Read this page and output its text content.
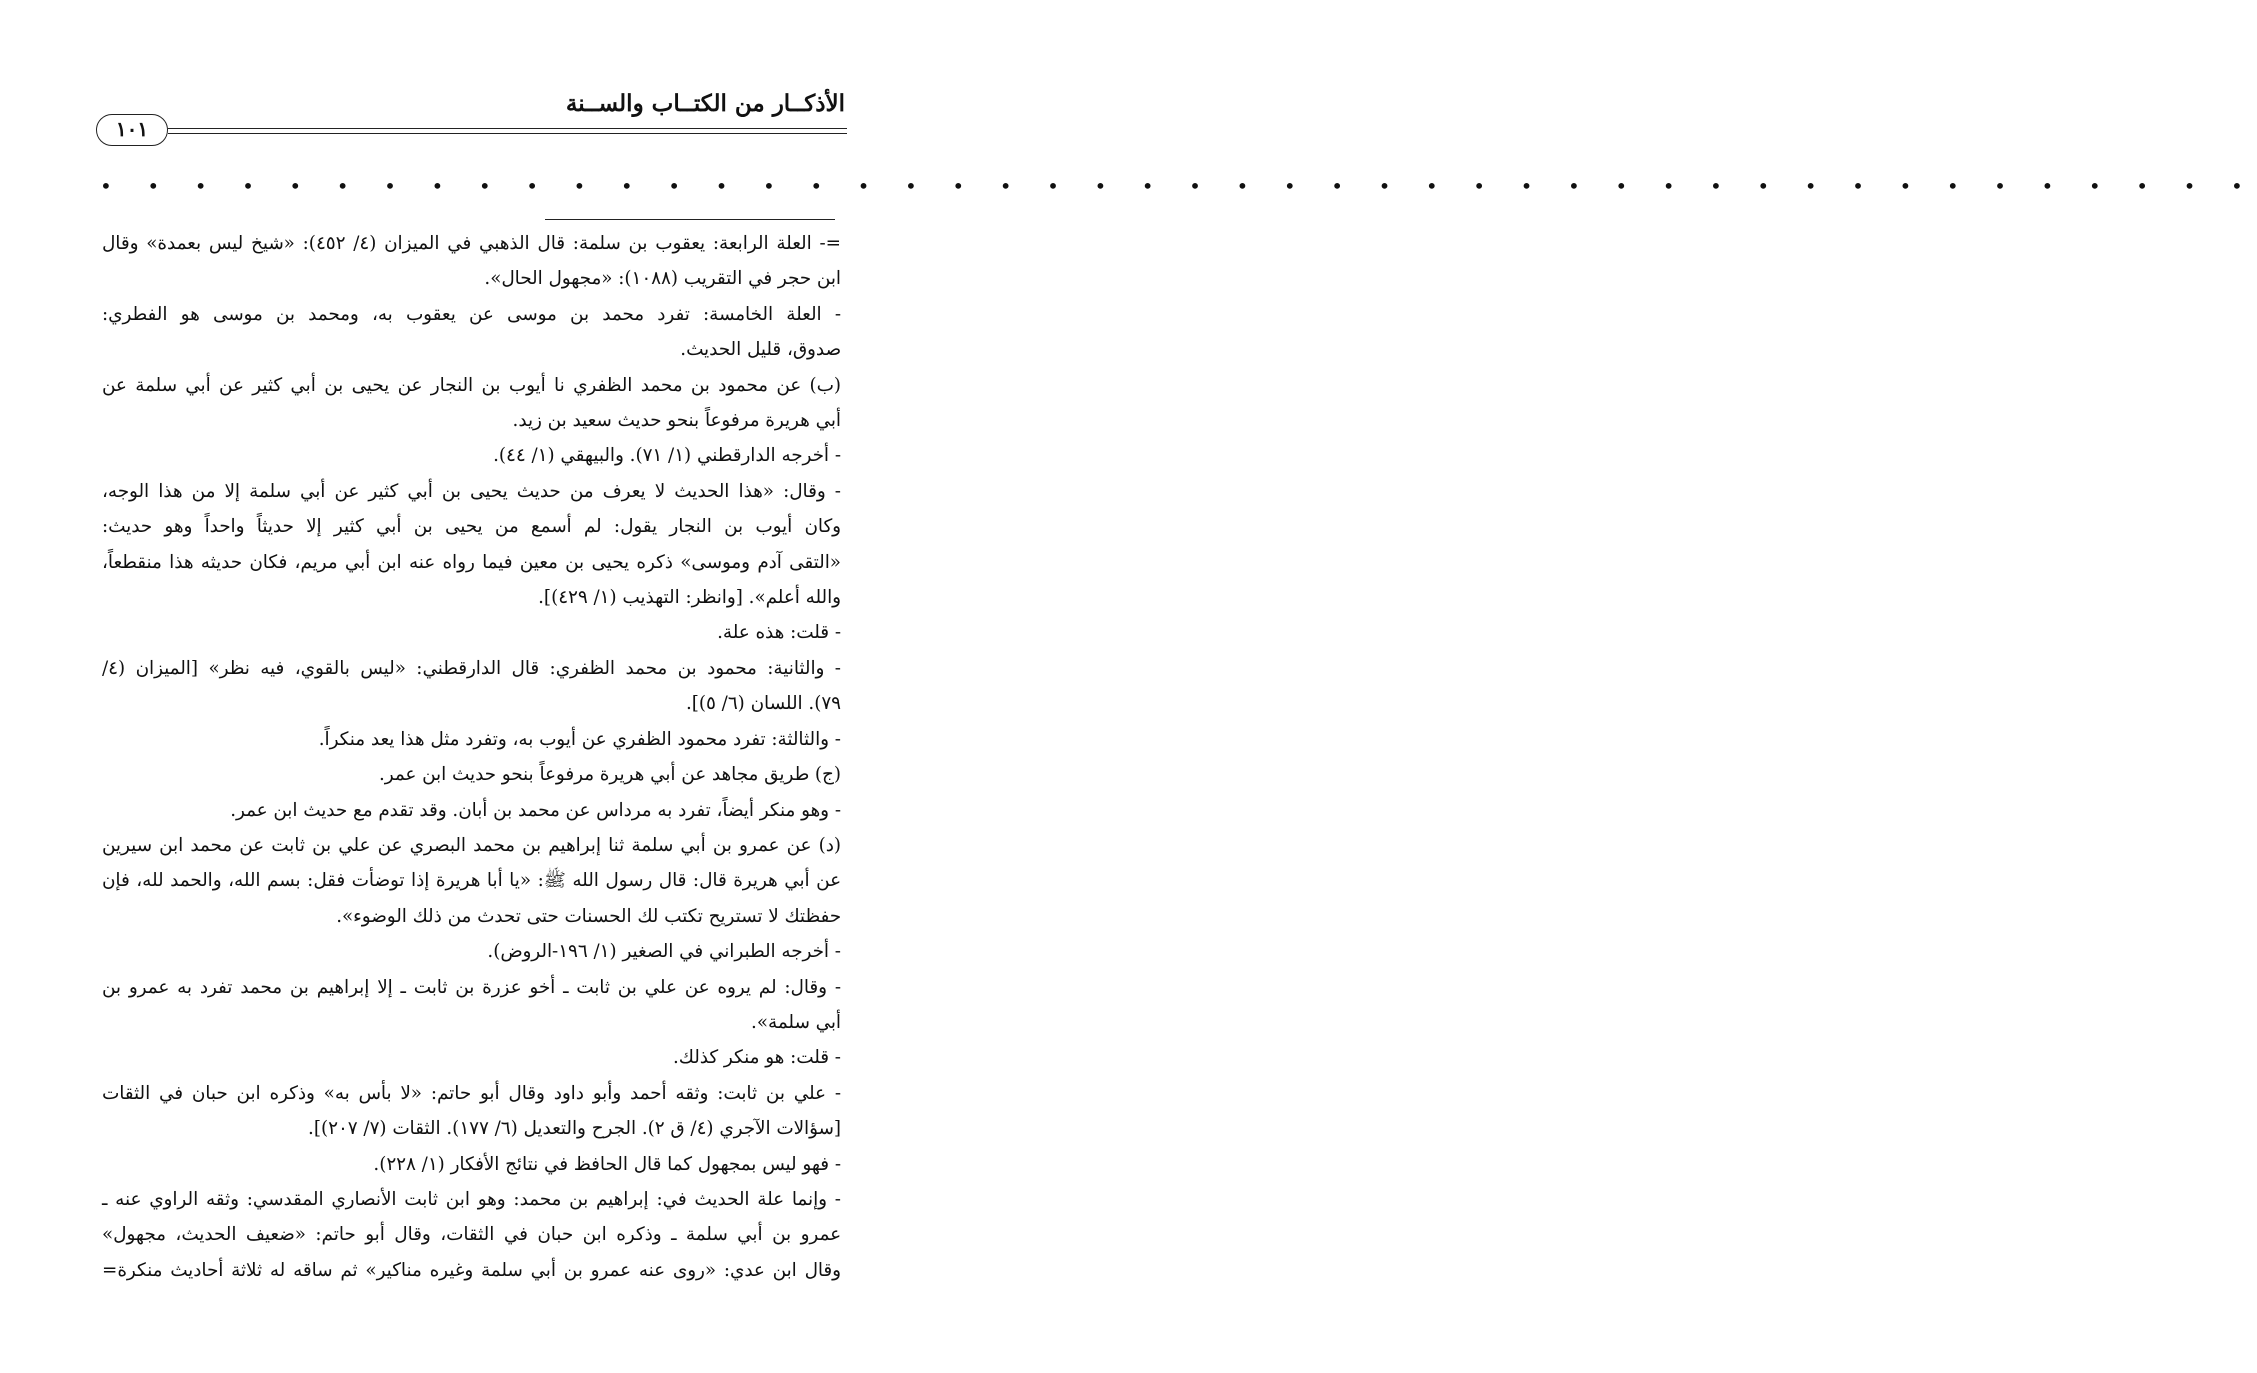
الأذكــار من الكتــاب والســنة
١٠١
• • • • • • • • • • • • • • • • • • • • • • • • • • • • • • • • • • • • • • • • • • • • • •
=- العلة الرابعة: يعقوب بن سلمة: قال الذهبي في الميزان (٤/ ٤٥٢): «شيخ ليس بعمدة» وقال
ابن حجر في التقريب (١٠٨٨): «مجهول الحال».
- العلة الخامسة: تفرد محمد بن موسى عن يعقوب به، ومحمد بن موسى هو الفطري:
صدوق، قليل الحديث.
(ب) عن محمود بن محمد الظفري نا أيوب بن النجار عن يحيى بن أبي كثير عن أبي سلمة عن
أبي هريرة مرفوعاً بنحو حديث سعيد بن زيد.
- أخرجه الدارقطني (١/ ٧١). والبيهقي (١/ ٤٤).
- وقال: «هذا الحديث لا يعرف من حديث يحيى بن أبي كثير عن أبي سلمة إلا من هذا الوجه،
وكان أيوب بن النجار يقول: لم أسمع من يحيى بن أبي كثير إلا حديثاً واحداً وهو حديث:
«التقى آدم وموسى» ذكره يحيى بن معين فيما رواه عنه ابن أبي مريم، فكان حديثه هذا منقطعاً،
والله أعلم». [وانظر: التهذيب (١/ ٤٢٩)].
- قلت: هذه علة.
- والثانية: محمود بن محمد الظفري: قال الدارقطني: «ليس بالقوي، فيه نظر» [الميزان (٤/
٧٩). اللسان (٦/ ٥)].
- والثالثة: تفرد محمود الظفري عن أيوب به، وتفرد مثل هذا يعد منكراً.
(ج) طريق مجاهد عن أبي هريرة مرفوعاً بنحو حديث ابن عمر.
- وهو منكر أيضاً، تفرد به مرداس عن محمد بن أبان. وقد تقدم مع حديث ابن عمر.
(د) عن عمرو بن أبي سلمة ثنا إبراهيم بن محمد البصري عن علي بن ثابت عن محمد ابن سيرين
عن أبي هريرة قال: قال رسول الله ﷺ: «يا أبا هريرة إذا توضأت فقل: بسم الله، والحمد لله، فإن
حفظتك لا تستريح تكتب لك الحسنات حتى تحدث من ذلك الوضوء».
- أخرجه الطبراني في الصغير (١/ ١٩٦-الروض).
- وقال: لم يروه عن علي بن ثابت ـ أخو عزرة بن ثابت ـ إلا إبراهيم بن محمد تفرد به عمرو بن
أبي سلمة».
- قلت: هو منكر كذلك.
- علي بن ثابت: وثقه أحمد وأبو داود وقال أبو حاتم: «لا بأس به» وذكره ابن حبان في الثقات
[سؤالات الآجري (٤/ ق ٢). الجرح والتعديل (٦/ ١٧٧). الثقات (٧/ ٢٠٧)].
- فهو ليس بمجهول كما قال الحافظ في نتائج الأفكار (١/ ٢٢٨).
- وإنما علة الحديث في: إبراهيم بن محمد: وهو ابن ثابت الأنصاري المقدسي: وثقه الراوي عنه ـ
عمرو بن أبي سلمة ـ وذكره ابن حبان في الثقات، وقال أبو حاتم: «ضعيف الحديث، مجهول»
وقال ابن عدي: «روى عنه عمرو بن أبي سلمة وغيره مناكير» ثم ساقه له ثلاثة أحاديث منكرة=
